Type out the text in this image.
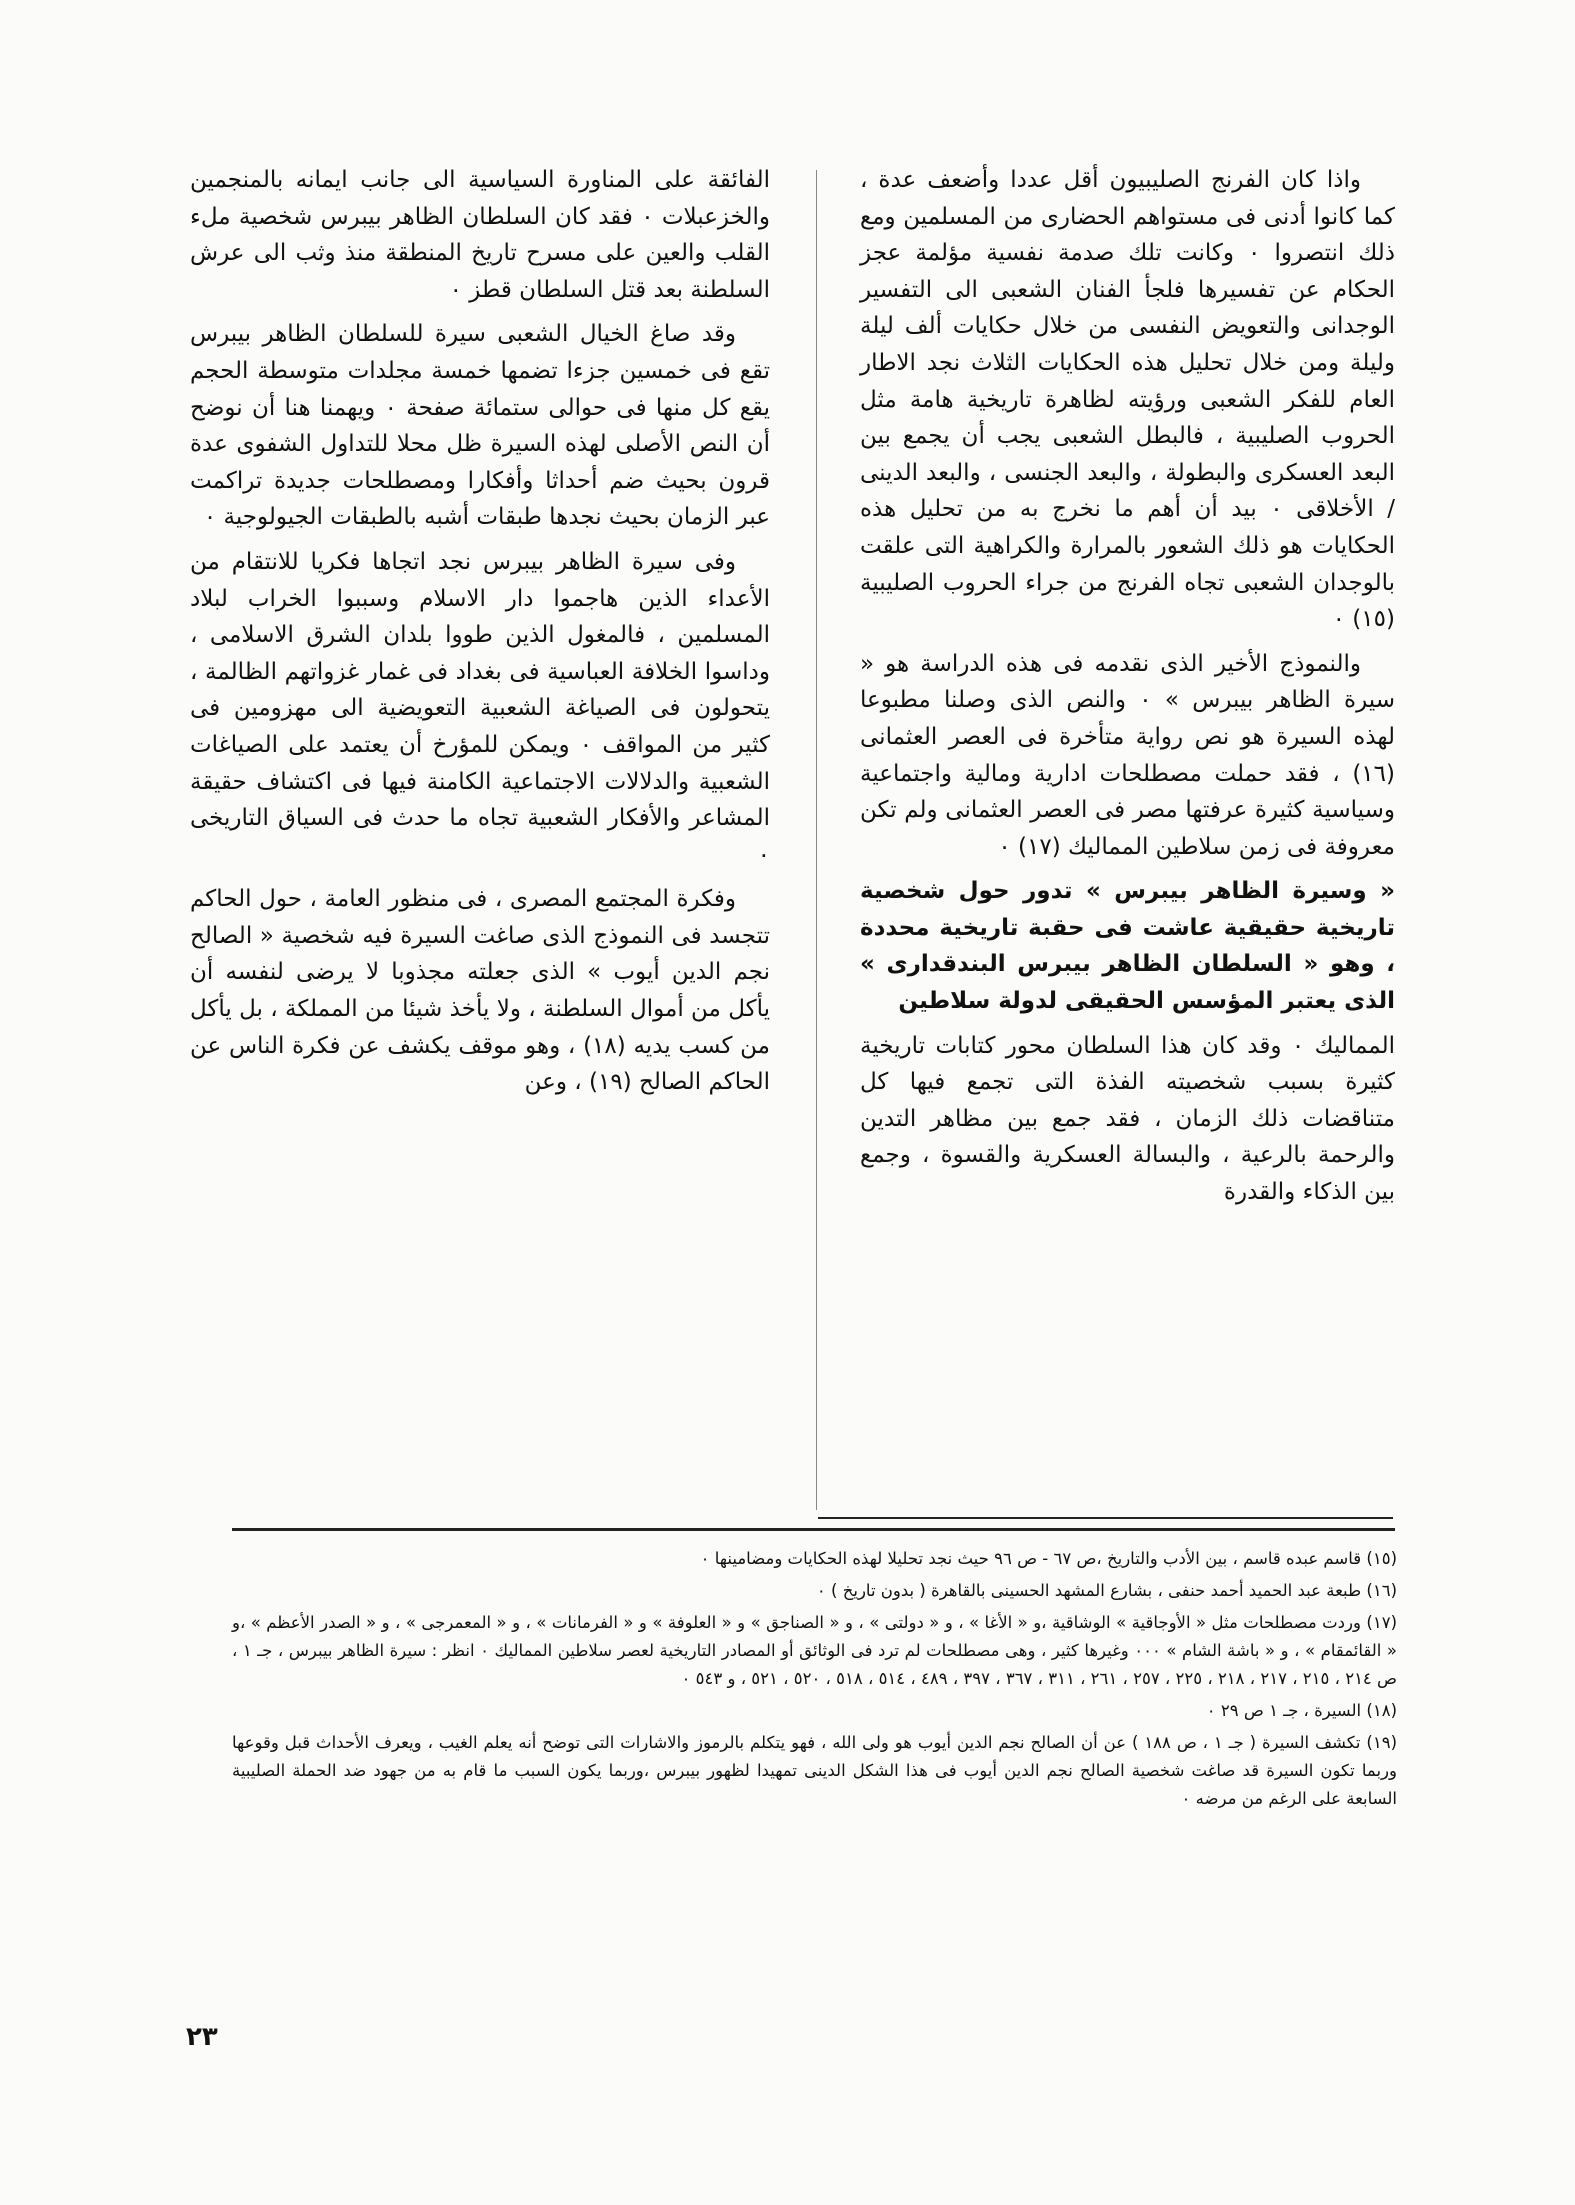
واذا كان الفرنج الصليبيون أقل عددا وأضعف عدة ، كما كانوا أدنى فى مستواهم الحضارى من المسلمين ومع ذلك انتصروا ٠ وكانت تلك صدمة نفسية مؤلمة عجز الحكام عن تفسيرها فلجأ الفنان الشعبى الى التفسير الوجدانى والتعويض النفسى من خلال حكايات ألف ليلة وليلة ومن خلال تحليل هذه الحكايات الثلاث نجد الاطار العام للفكر الشعبى ورؤيته لظاهرة تاريخية هامة مثل الحروب الصليبية ، فالبطل الشعبى يجب أن يجمع بين البعد العسكرى والبطولة ، والبعد الجنسى ، والبعد الدينى / الأخلاقى ٠ بيد أن أهم ما نخرج به من تحليل هذه الحكايات هو ذلك الشعور بالمرارة والكراهية التى علقت بالوجدان الشعبى تجاه الفرنج من جراء الحروب الصليبية (١٥) ٠

والنموذج الأخير الذى نقدمه فى هذه الدراسة هو « سيرة الظاهر بيبرس » ٠ والنص الذى وصلنا مطبوعا لهذه السيرة هو نص رواية متأخرة فى العصر العثمانى (١٦) ، فقد حملت مصطلحات ادارية ومالية واجتماعية وسياسية كثيرة عرفتها مصر فى العصر العثمانى ولم تكن معروفة فى زمن سلاطين المماليك (١٧) ٠

« وسيرة الظاهر بيبرس » تدور حول شخصية تاريخية حقيقية عاشت فى حقبة تاريخية محددة ، وهو « السلطان الظاهر بيبرس البندقدارى » الذى يعتبر المؤسس الحقيقى لدولة سلاطين

المماليك ٠ وقد كان هذا السلطان محور كتابات تاريخية كثيرة بسبب شخصيته الفذة التى تجمع فيها كل متناقضات ذلك الزمان ، فقد جمع بين مظاهر التدين والرحمة بالرعية ، والبسالة العسكرية والقسوة ، وجمع بين الذكاء والقدرة

الفائقة على المناورة السياسية الى جانب ايمانه بالمنجمين والخزعبلات ٠ فقد كان السلطان الظاهر بيبرس شخصية ملء القلب والعين على مسرح تاريخ المنطقة منذ وثب الى عرش السلطنة بعد قتل السلطان قطز ٠

وقد صاغ الخيال الشعبى سيرة للسلطان الظاهر بيبرس تقع فى خمسين جزءا تضمها خمسة مجلدات متوسطة الحجم يقع كل منها فى حوالى ستمائة صفحة ٠ ويهمنا هنا أن نوضح أن النص الأصلى لهذه السيرة ظل محلا للتداول الشفوى عدة قرون بحيث ضم أحداثا وأفكارا ومصطلحات جديدة تراكمت عبر الزمان بحيث نجدها طبقات أشبه بالطبقات الجيولوجية ٠

وفى سيرة الظاهر بيبرس نجد اتجاها فكريا للانتقام من الأعداء الذين هاجموا دار الاسلام وسببوا الخراب لبلاد المسلمين ، فالمغول الذين طووا بلدان الشرق الاسلامى ، وداسوا الخلافة العباسية فى بغداد فى غمار غزواتهم الظالمة ، يتحولون فى الصياغة الشعبية التعويضية الى مهزومين فى كثير من المواقف ٠ ويمكن للمؤرخ أن يعتمد على الصياغات الشعبية والدلالات الاجتماعية الكامنة فيها فى اكتشاف حقيقة المشاعر والأفكار الشعبية تجاه ما حدث فى السياق التاريخى ٠

وفكرة المجتمع المصرى ، فى منظور العامة ، حول الحاكم تتجسد فى النموذج الذى صاغت السيرة فيه شخصية « الصالح نجم الدين أيوب » الذى جعلته مجذوبا لا يرضى لنفسه أن يأكل من أموال السلطنة ، ولا يأخذ شيئا من المملكة ، بل يأكل من كسب يديه (١٨) ، وهو موقف يكشف عن فكرة الناس عن الحاكم الصالح (١٩) ، وعن

(١٥) قاسم عبده قاسم ، بين الأدب والتاريخ ،ص ٦٧ - ص ٩٦ حيث نجد تحليلا لهذه الحكايات ومضامينها ٠

(١٦) طبعة عبد الحميد أحمد حنفى ، بشارع المشهد الحسينى بالقاهرة ( بدون تاريخ ) ٠

(١٧) وردت مصطلحات مثل « الأوجاقية » الوشاقية ،و « الأغا » ، و « دولتى » ، و « الصناجق » و « العلوفة » و « الفرمانات » ، و « المعمرجى » ، و « الصدر الأعظم » ،و « القائمقام » ، و « باشة الشام » ٠٠٠ وغيرها كثير ، وهى مصطلحات لم ترد فى الوثائق أو المصادر التاريخية لعصر سلاطين المماليك ٠ انظر : سيرة الظاهر بيبرس ، جـ ١ ، ص ٢١٤ ، ٢١٥ ، ٢١٧ ، ٢١٨ ، ٢٢٥ ، ٢٥٧ ، ٢٦١ ، ٣١١ ، ٣٦٧ ، ٣٩٧ ، ٤٨٩ ، ٥١٤ ، ٥١٨ ، ٥٢٠ ، ٥٢١ ، و ٥٤٣ ٠

(١٨) السيرة ، جـ ١ ص ٢٩ ٠

(١٩) تكشف السيرة ( جـ ١ ، ص ١٨٨ ) عن أن الصالح نجم الدين أيوب هو ولى الله ، فهو يتكلم بالرموز والاشارات التى توضح أنه يعلم الغيب ، ويعرف الأحداث قبل وقوعها وربما تكون السيرة قد صاغت شخصية الصالح نجم الدين أيوب فى هذا الشكل الدينى تمهيدا لظهور بيبرس ،وربما يكون السبب ما قام به من جهود ضد الحملة الصليبية السابعة على الرغم من مرضه ٠

٢٣
